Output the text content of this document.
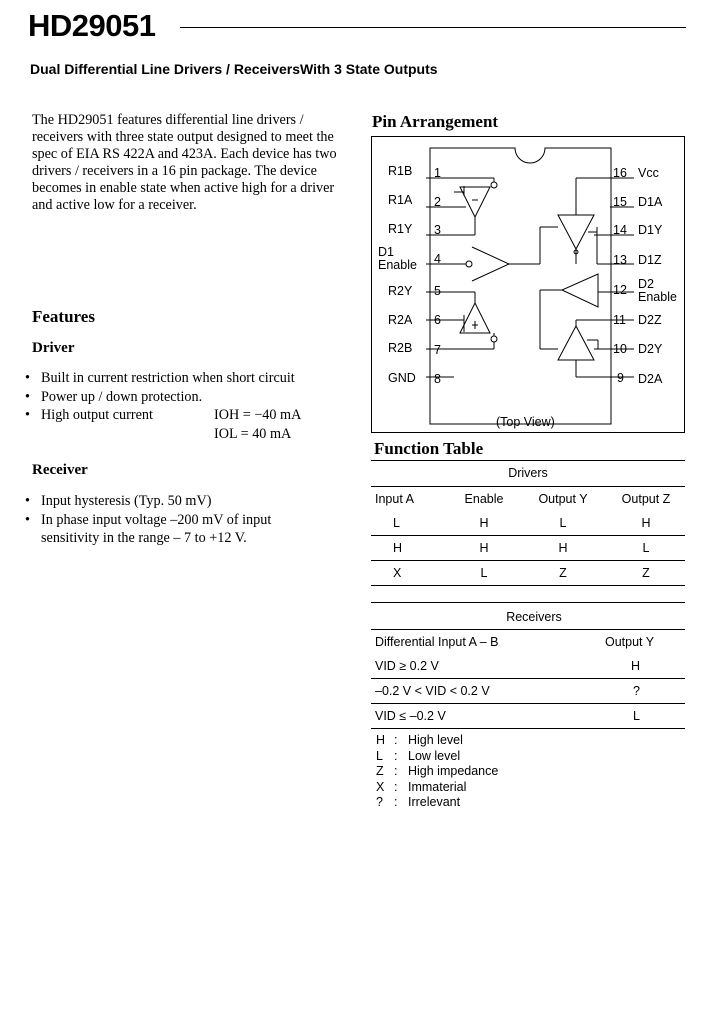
HD29051
Dual Differential Line Drivers / ReceiversWith 3 State Outputs
The HD29051 features differential line drivers / receivers with three state output designed to meet the spec of EIA RS 422A and 423A. Each device has two drivers / receivers in a 16 pin package. The device becomes in enable state when active high for a driver and active low for a receiver.
Features
Driver
• Built in current restriction when short circuit
• Power up / down protection.
• High output current	IOH = −40 mA
IOL = 40 mA
Receiver
• Input hysteresis (Typ. 50 mV)
• In phase input voltage –200 mV of input sensitivity in the range – 7 to +12 V.
Pin Arrangement
R1B 1
R1A 2
R1Y 3
D1 Enable	4
R2Y 5
R2A 6
R2B 7
GND 8
16 Vcc
15 D1A
14 D1Y
13 D1Z
12 D2 Enable
11 D2Z
10 D2Y
9 D2A
(Top View)
Function Table
Drivers
Input A	Enable	Output Y	Output Z
L	H	L	H
H	H	H	L
X	L	Z	Z
Receivers
Differential Input A – B	Output Y
VID ≥ 0.2 V	H
–0.2 V < VID < 0.2 V	?
VID ≤ –0.2 V	L
H : High level
L : Low level
Z : High impedance
X : Immaterial
? : Irrelevant
